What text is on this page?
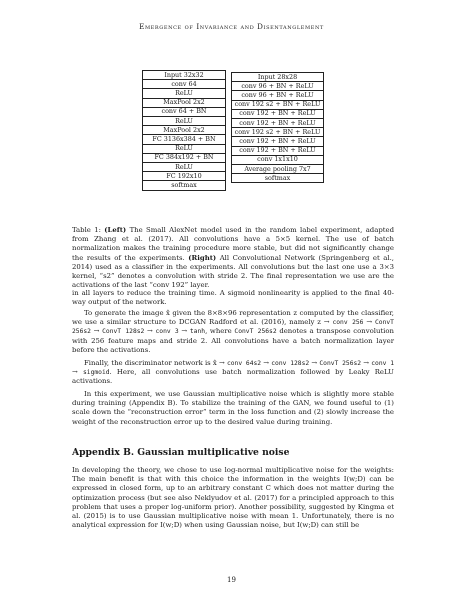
Emergence of Invariance and Disentanglement
Input 32x32
conv 64
ReLU
MaxPool 2x2
conv 64 + BN
ReLU
MaxPool 2x2
FC 3136x384 + BN
ReLU
FC 384x192 + BN
ReLU
FC 192x10
softmax
Input 28x28
conv 96 + BN + ReLU
conv 96 + BN + ReLU
conv 192 s2 + BN + ReLU
conv 192 + BN + ReLU
conv 192 + BN + ReLU
conv 192 s2 + BN + ReLU
conv 192 + BN + ReLU
conv 192 + BN + ReLU
conv 1x1x10
Average pooling 7x7
softmax

Table 1: (Left) The Small AlexNet model used in the random label experiment, adapted from Zhang et al. (2017). All convolutions have a 5×5 kernel. The use of batch normalization makes the training procedure more stable, but did not significantly change the results of the experiments. (Right) All Convolutional Network (Springenberg et al., 2014) used as a classifier in the experiments. All convolutions but the last one use a 3×3 kernel, “s2” denotes a convolution with stride 2. The final representation we use are the activations of the last “conv 192” layer.

in all layers to reduce the training time. A sigmoid nonlinearity is applied to the final 40-way output of the network.

To generate the image x̂ given the 8×8×96 representation z computed by the classifier, we use a similar structure to DCGAN Radford et al. (2016), namely z → conv 256 → ConvT 256s2 → ConvT 128s2 → conv 3 → tanh, where ConvT 256s2 denotes a transpose convolution with 256 feature maps and stride 2. All convolutions have a batch normalization layer before the activations.

Finally, the discriminator network is x̂ → conv 64s2 → conv 128s2 → ConvT 256s2 → conv 1 → sigmoid. Here, all convolutions use batch normalization followed by Leaky ReLU activations.

In this experiment, we use Gaussian multiplicative noise which is slightly more stable during training (Appendix B). To stabilize the training of the GAN, we found useful to (1) scale down the “reconstruction error” term in the loss function and (2) slowly increase the weight of the reconstruction error up to the desired value during training.

Appendix B. Gaussian multiplicative noise

In developing the theory, we chose to use log-normal multiplicative noise for the weights: The main benefit is that with this choice the information in the weights I(w;D) can be expressed in closed form, up to an arbitrary constant C which does not matter during the optimization process (but see also Neklyudov et al. (2017) for a principled approach to this problem that uses a proper log-uniform prior). Another possibility, suggested by Kingma et al. (2015) is to use Gaussian multiplicative noise with mean 1. Unfortunately, there is no analytical expression for I(w;D) when using Gaussian noise, but I(w;D) can still be

19
